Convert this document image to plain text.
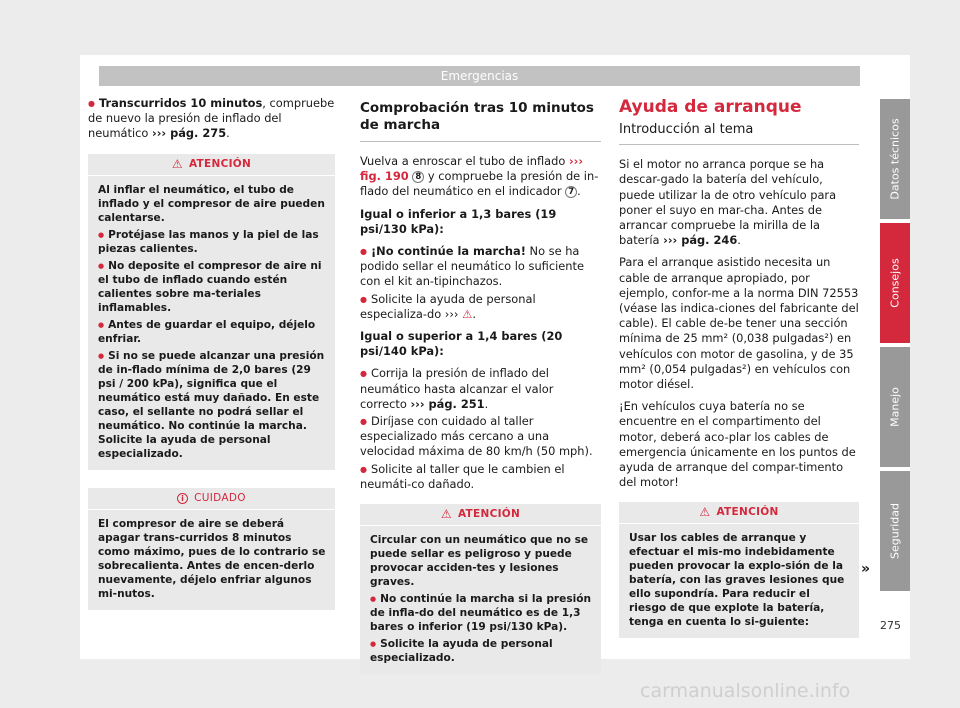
Emergencias

● Transcurridos 10 minutos, compruebe de nuevo la presión de inflado del neumático ››› pág. 275.

⚠ ATENCIÓN
Al inflar el neumático, el tubo de inflado y el compresor de aire pueden calentarse.
● Protéjase las manos y la piel de las piezas calientes.
● No deposite el compresor de aire ni el tubo de inflado cuando estén calientes sobre ma-teriales inflamables.
● Antes de guardar el equipo, déjelo enfriar.
● Si no se puede alcanzar una presión de in-flado mínima de 2,0 bares (29 psi / 200 kPa), significa que el neumático está muy dañado. En este caso, el sellante no podrá sellar el neumático. No continúe la marcha. Solicite la ayuda de personal especializado.
i CUIDADO
El compresor de aire se deberá apagar trans-curridos 8 minutos como máximo, pues de lo contrario se sobrecalienta. Antes de encen-derlo nuevamente, déjelo enfriar algunos mi-nutos.
Comprobación tras 10 minutos de marcha

Vuelva a enroscar el tubo de inflado ››› fig. 190 8 y compruebe la presión de in-flado del neumático en el indicador 7 .

Igual o inferior a 1,3 bares (19 psi/130 kPa):

● ¡No continúe la marcha! No se ha podido sellar el neumático lo suficiente con el kit an-tipinchazos.

● Solicite la ayuda de personal especializa-do ››› ⚠.

Igual o superior a 1,4 bares (20 psi/140 kPa):

● Corrija la presión de inflado del neumático hasta alcanzar el valor correcto ››› pág. 251.

● Diríjase con cuidado al taller especializado más cercano a una velocidad máxima de 80 km/h (50 mph).

● Solicite al taller que le cambien el neumáti-co dañado.

⚠ ATENCIÓN
Circular con un neumático que no se puede sellar es peligroso y puede provocar acciden-tes y lesiones graves.
● No continúe la marcha si la presión de infla-do del neumático es de 1,3 bares o inferior (19 psi/130 kPa).
● Solicite la ayuda de personal especializado.
Ayuda de arranque
Introducción al tema

Si el motor no arranca porque se ha descar-gado la batería del vehículo, puede utilizar la de otro vehículo para poner el suyo en mar-cha. Antes de arrancar compruebe la mirilla de la batería ››› pág. 246.

Para el arranque asistido necesita un cable de arranque apropiado, por ejemplo, confor-me a la norma DIN 72553 (véase las indica-ciones del fabricante del cable). El cable de-be tener una sección mínima de 25 mm² (0,038 pulgadas²) en vehículos con motor de gasolina, y de 35 mm² (0,054 pulgadas²) en vehículos con motor diésel.

¡En vehículos cuya batería no se encuentre en el compartimento del motor, deberá aco-plar los cables de emergencia únicamente en los puntos de ayuda de arranque del compar-timento del motor!

⚠ ATENCIÓN
Usar los cables de arranque y efectuar el mis-mo indebidamente pueden provocar la explo-sión de la batería, con las graves lesiones que ello supondría. Para reducir el riesgo de que explote la batería, tenga en cuenta lo si-guiente:
»
Datos técnicos
Consejos
Manejo
Seguridad
275
carmanualsonline.info
